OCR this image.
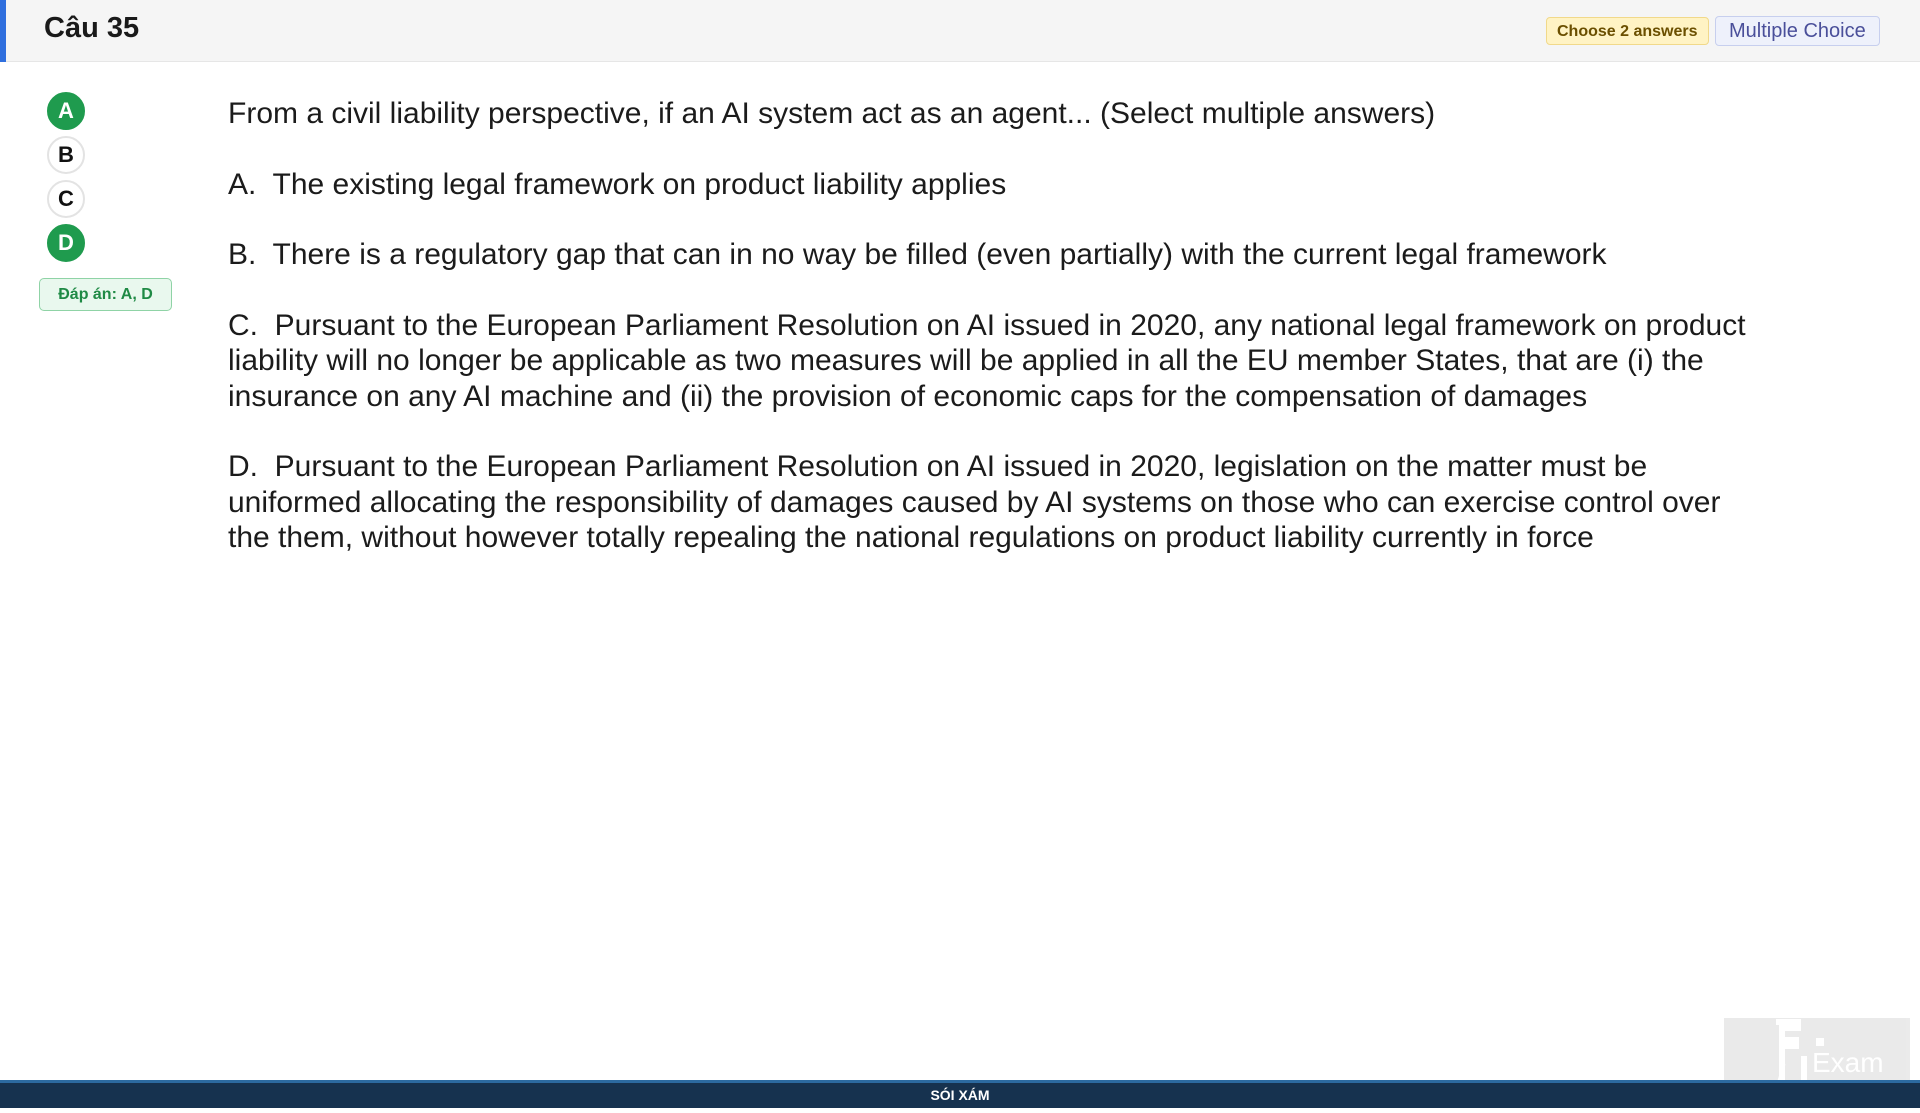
Câu 35	Choose 2 answers	Multiple Choice
A
B
C
D
Đáp án: A, D

From a civil liability perspective, if an AI system act as an agent... (Select multiple answers)

A. The existing legal framework on product liability applies

B. There is a regulatory gap that can in no way be filled (even partially) with the current legal framework

C. Pursuant to the European Parliament Resolution on AI issued in 2020, any national legal framework on product liability will no longer be applicable as two measures will be applied in all the EU member States, that are (i) the insurance on any AI machine and (ii) the provision of economic caps for the compensation of damages

D. Pursuant to the European Parliament Resolution on AI issued in 2020, legislation on the matter must be uniformed allocating the responsibility of damages caused by AI systems on those who can exercise control over the them, without however totally repealing the national regulations on product liability currently in force

Exam
SÓI XÁM
